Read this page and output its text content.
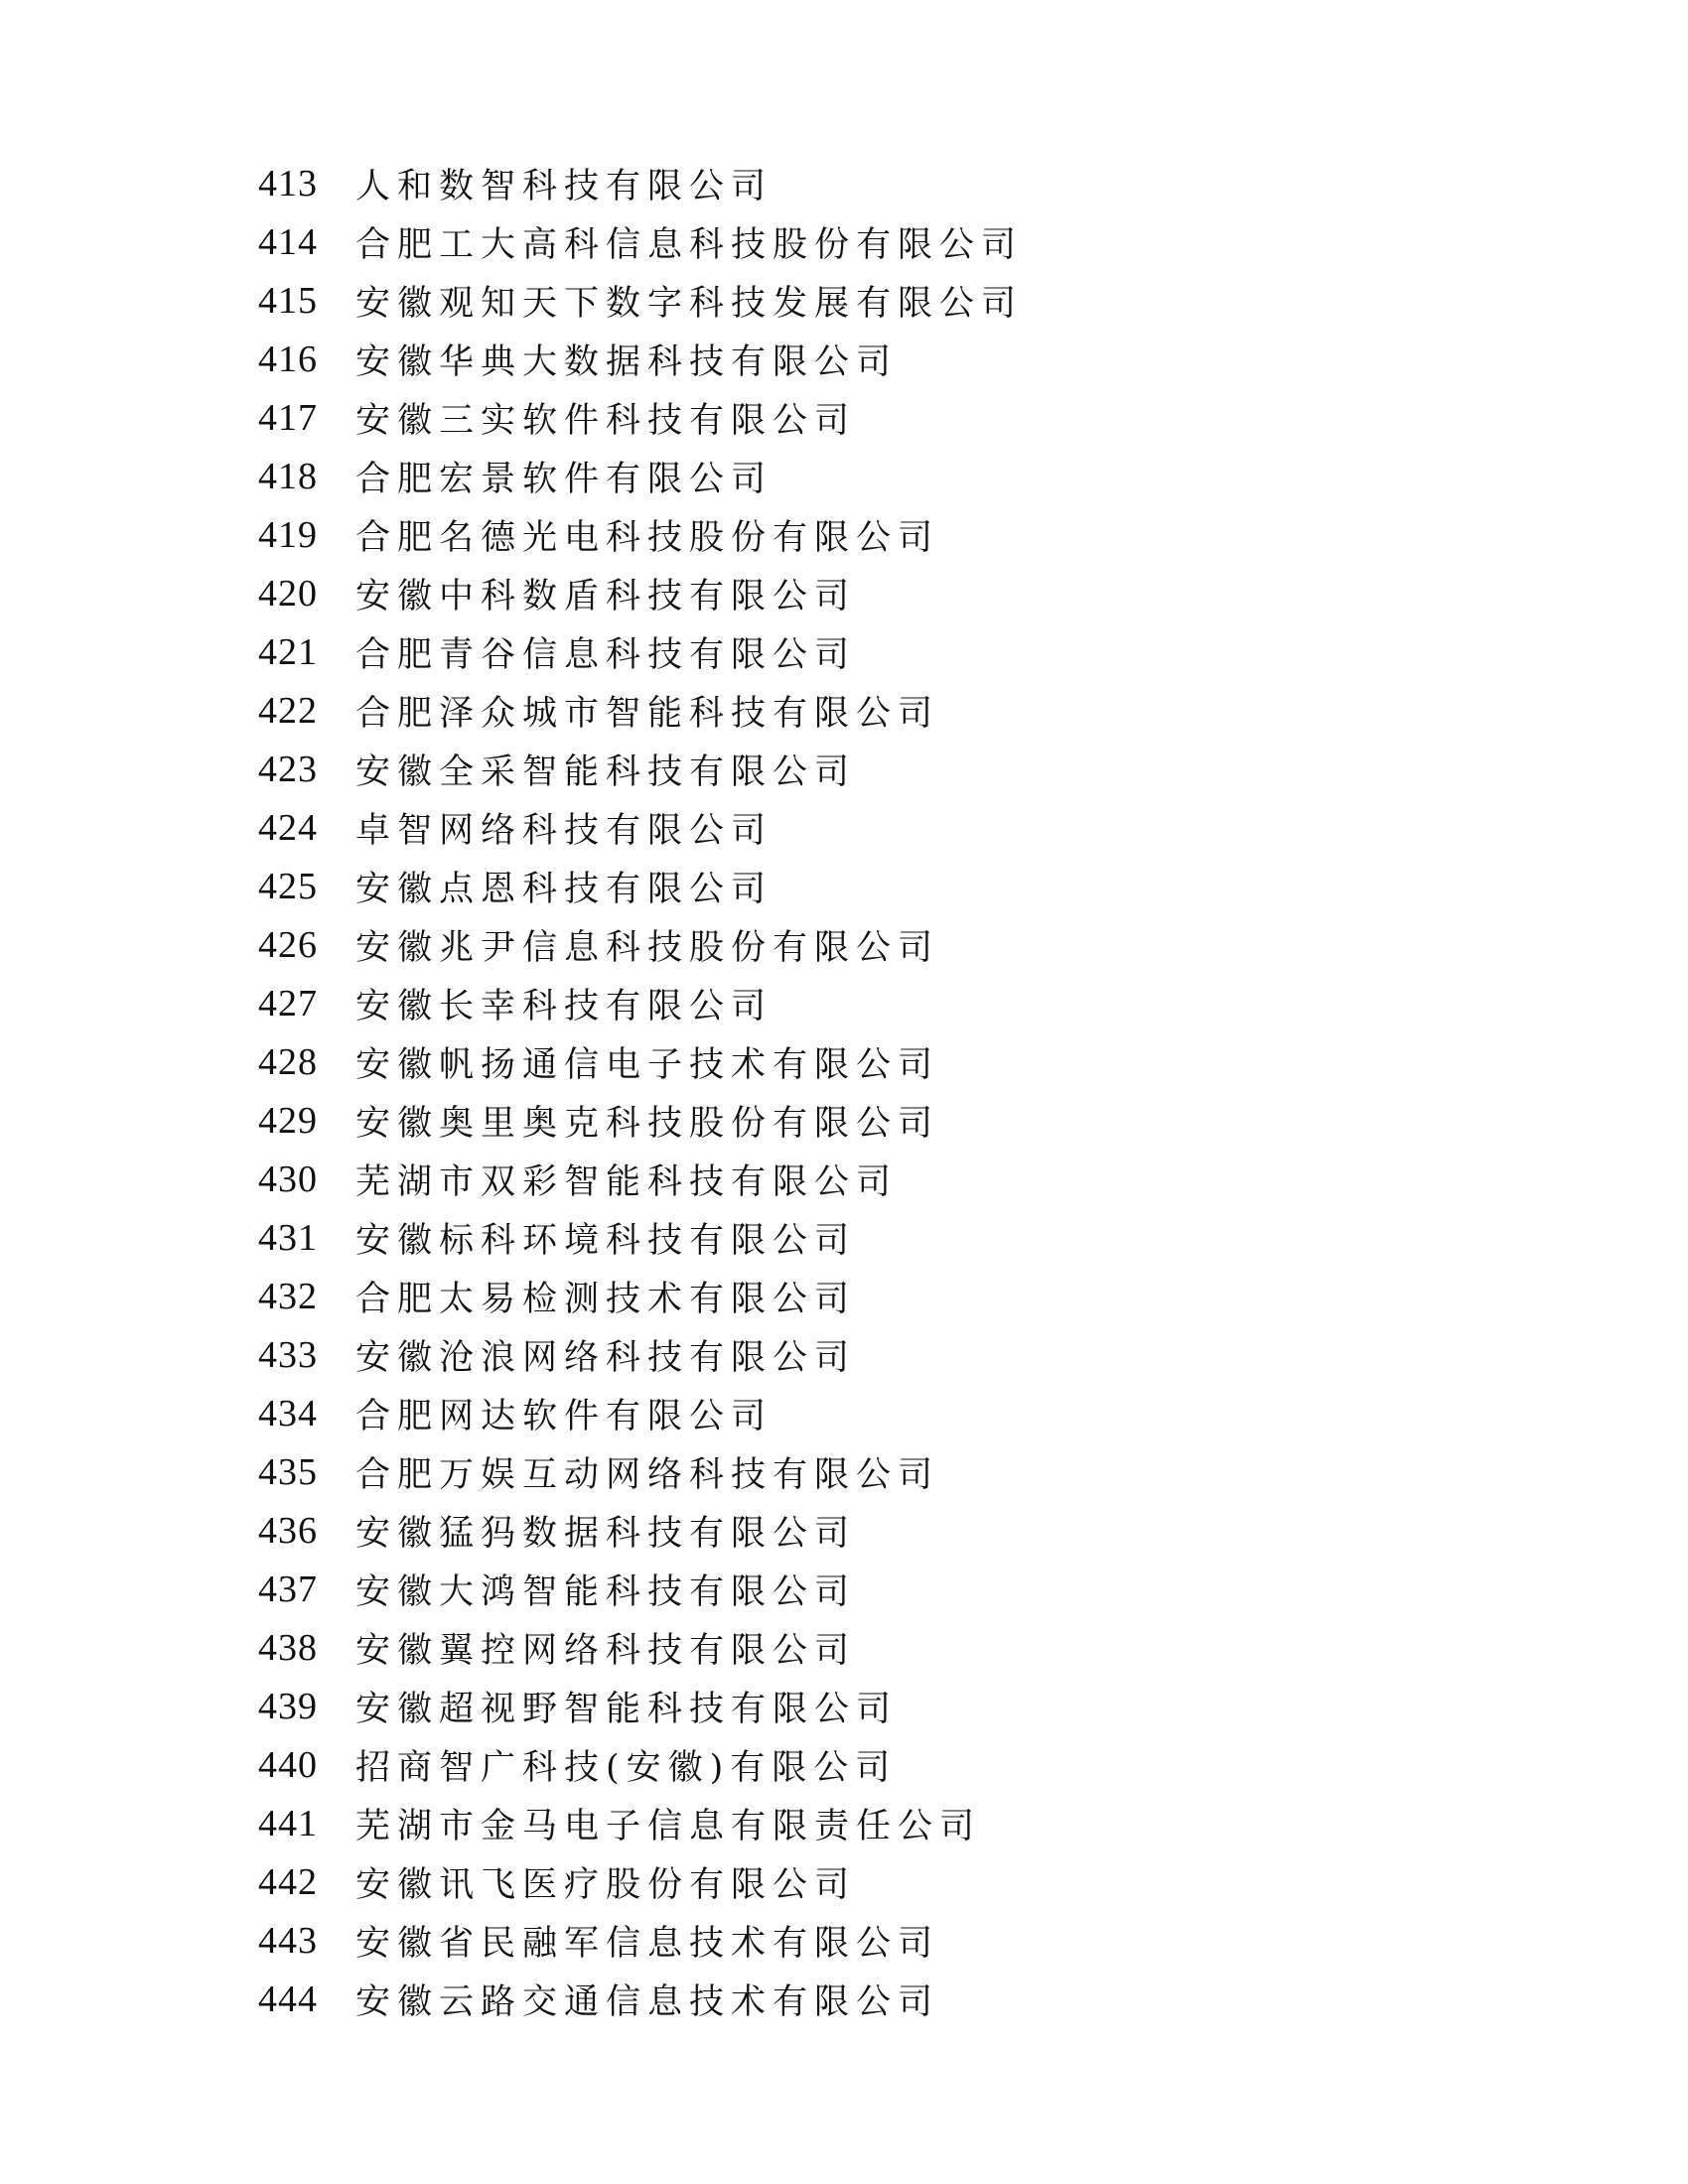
413	人和数智科技有限公司
414	合肥工大高科信息科技股份有限公司
415	安徽观知天下数字科技发展有限公司
416	安徽华典大数据科技有限公司
417	安徽三实软件科技有限公司
418	合肥宏景软件有限公司
419	合肥名德光电科技股份有限公司
420	安徽中科数盾科技有限公司
421	合肥青谷信息科技有限公司
422	合肥泽众城市智能科技有限公司
423	安徽全采智能科技有限公司
424	卓智网络科技有限公司
425	安徽点恩科技有限公司
426	安徽兆尹信息科技股份有限公司
427	安徽长幸科技有限公司
428	安徽帆扬通信电子技术有限公司
429	安徽奥里奥克科技股份有限公司
430	芜湖市双彩智能科技有限公司
431	安徽标科环境科技有限公司
432	合肥太易检测技术有限公司
433	安徽沧浪网络科技有限公司
434	合肥网达软件有限公司
435	合肥万娱互动网络科技有限公司
436	安徽猛犸数据科技有限公司
437	安徽大鸿智能科技有限公司
438	安徽翼控网络科技有限公司
439	安徽超视野智能科技有限公司
440	招商智广科技(安徽)有限公司
441	芜湖市金马电子信息有限责任公司
442	安徽讯飞医疗股份有限公司
443	安徽省民融军信息技术有限公司
444	安徽云路交通信息技术有限公司
